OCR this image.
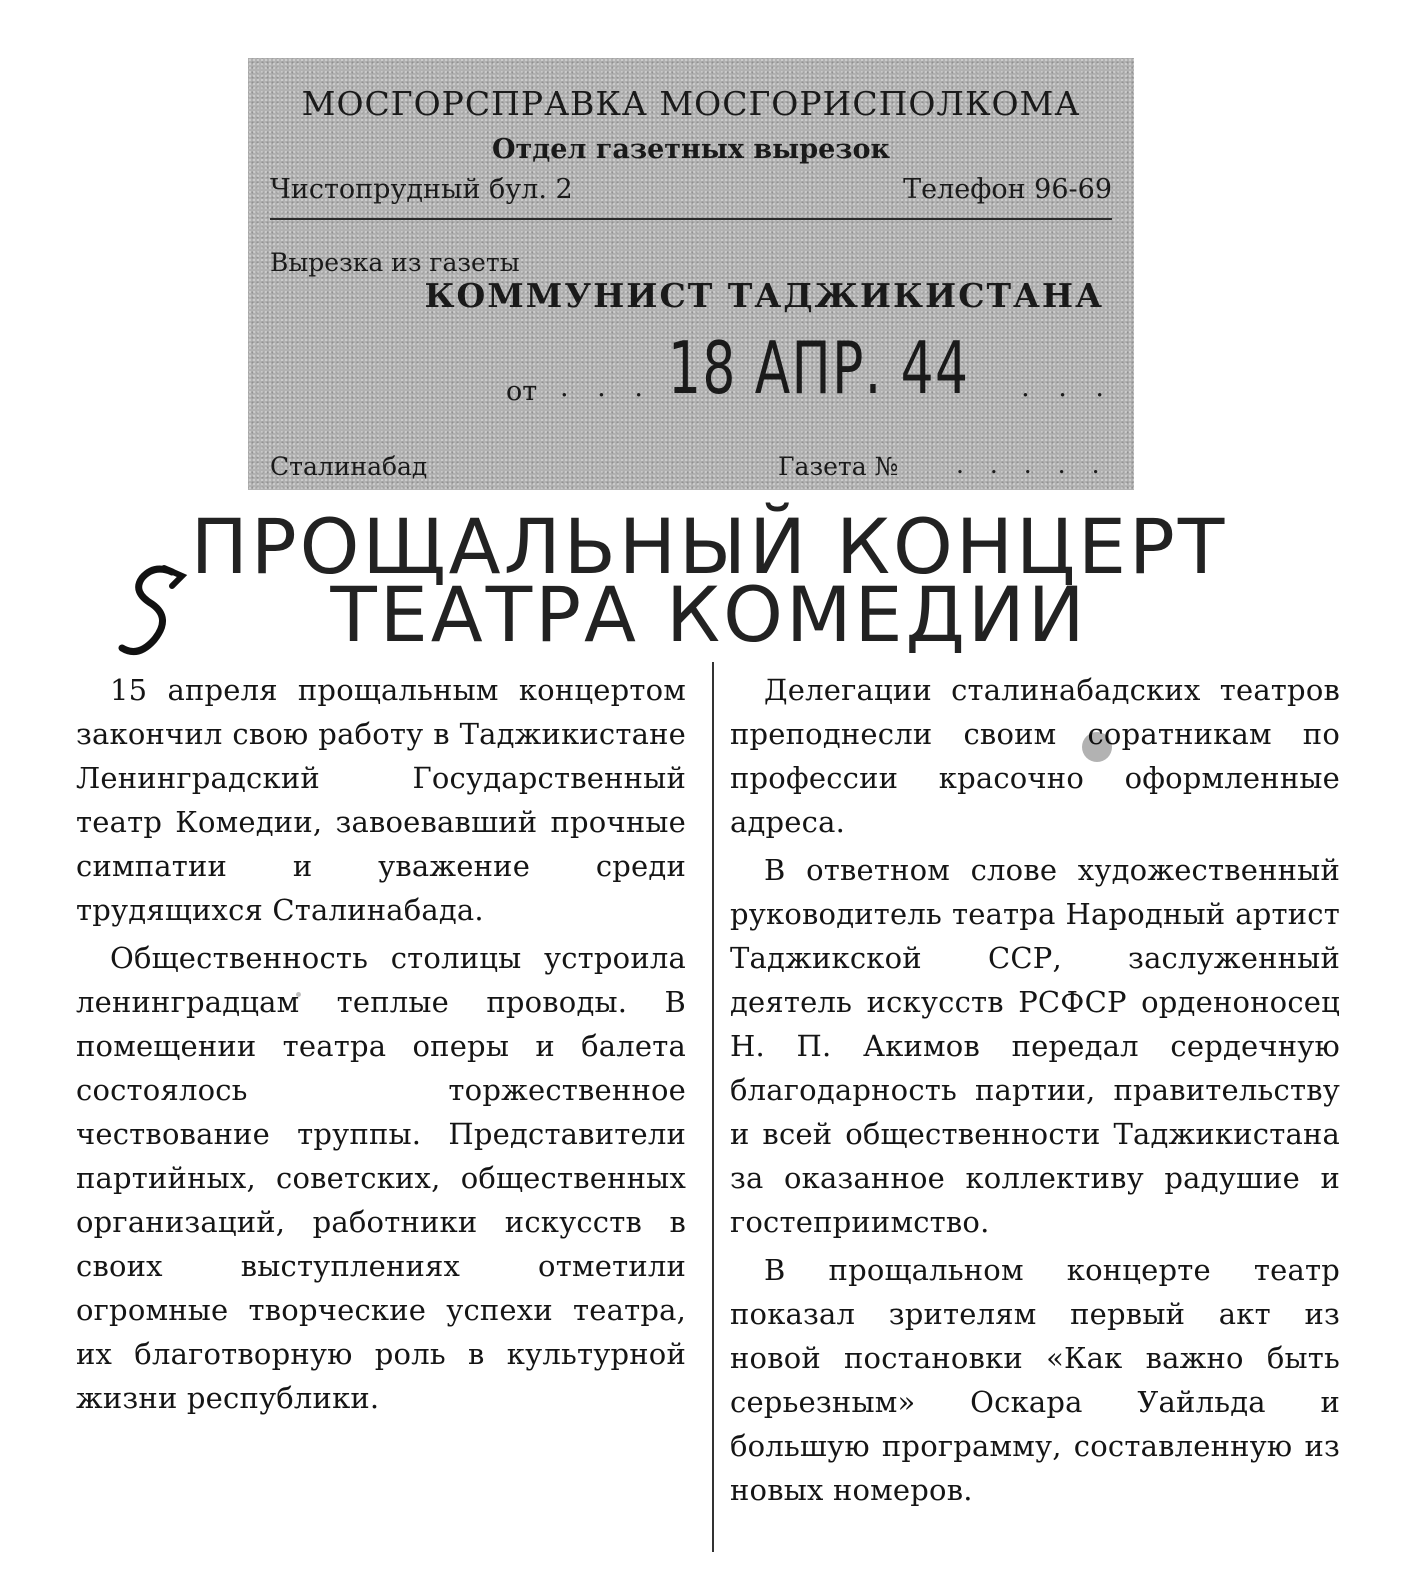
МОСГОРСПРАВКА МОСГОРИСПОЛКОМА
Отдел газетных вырезок
Чистопрудный бул. 2	Телефон 96-69
Вырезка из газеты
КОММУНИСТ ТАДЖИКИСТАНА
от . . . 18 АПР. 44 . . .
Сталинабад	Газета № . . . . .
ПРОЩАЛЬНЫЙ КОНЦЕРТ
ТЕАТРА КОМЕДИИ

15 апреля прощальным концертом закончил свою работу в Таджикистане Ленинградский Государственный театр Комедии, завоевавший прочные симпатии и уважение среди трудящихся Сталинабада.

Общественность столицы устроила ленинградцам теплые проводы. В помещении театра оперы и балета состоялось торжественное чествование труппы. Представители партийных, советских, общественных организаций, работники искусств в своих выступлениях отметили огромные творческие успехи театра, их благотворную роль в культурной жизни республики.

Делегации сталинабадских театров преподнесли своим соратникам по профессии красочно оформленные адреса.

В ответном слове художественный руководитель театра Народный артист Таджикской ССР, заслуженный деятель искусств РСФСР орденоносец Н. П. Акимов передал сердечную благодарность партии, правительству и всей общественности Таджикистана за оказанное коллективу радушие и гостеприимство.

В прощальном концерте театр показал зрителям первый акт из новой постановки «Как важно быть серьезным» Оскара Уайльда и большую программу, составленную из новых номеров.
